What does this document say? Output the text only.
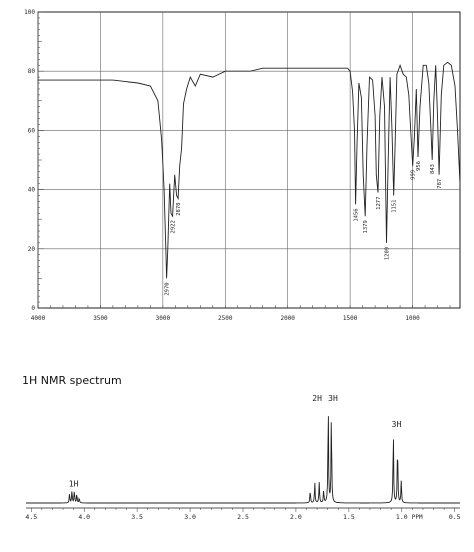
0
20
40
60
80
100
4000	3500	3000	2500	2000	1500	1000
2970
2922
2878	1456
1379
1277
1209
1151
999
956 843
787
1H NMR spectrum
1H
2H 3H
3H
4.5	4.0	3.5	3.0	2.5	2.0	1.5	1.0	0.5
PPM
